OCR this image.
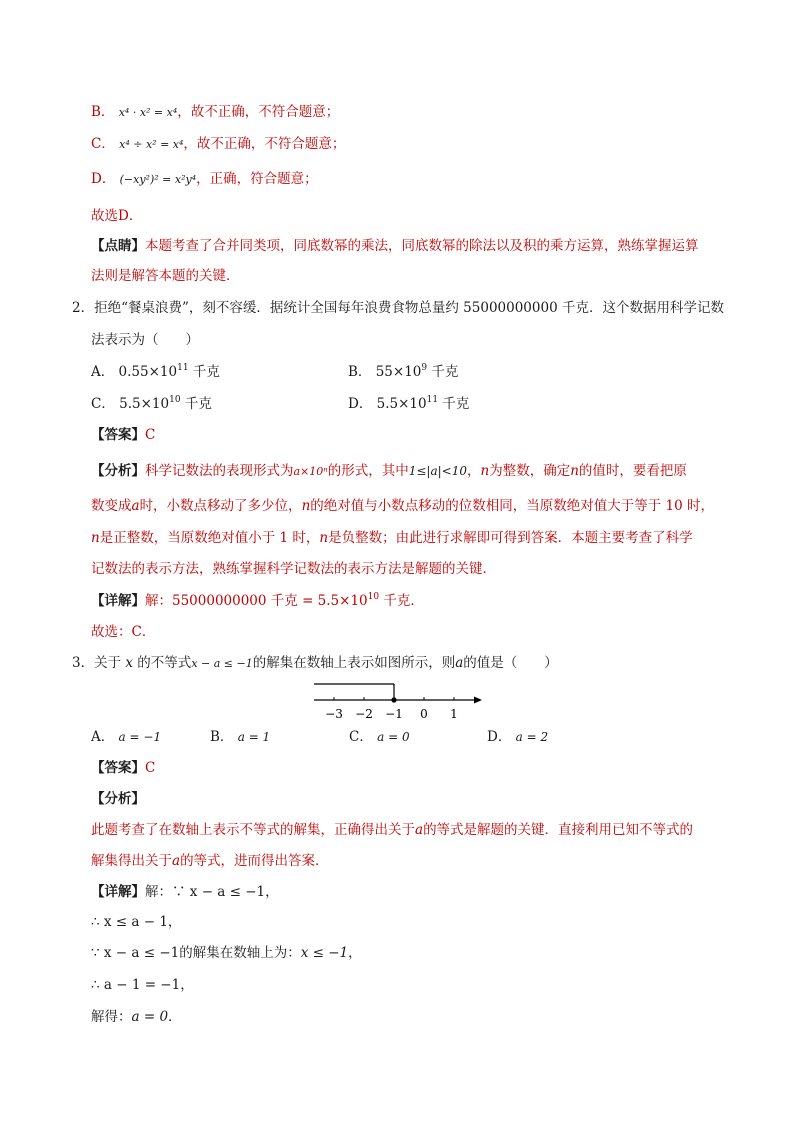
B． x⁴ · x² = x⁴，故不正确，不符合题意；
C． x⁴ ÷ x² = x⁴，故不正确，不符合题意；
D． (−xy²)² = x²y⁴，正确，符合题意；
故选D．
【点睛】本题考查了合并同类项，同底数幂的乘法，同底数幂的除法以及积的乘方运算，熟练掌握运算
法则是解答本题的关键．
2．拒绝“餐桌浪费”，刻不容缓．据统计全国每年浪费食物总量约 55000000000 千克．这个数据用科学记数
法表示为（　　）
A． $0.55\times 10^{11}$ 千克	B． $55\times 10^9$ 千克
C． $5.5\times 10^{10}$ 千克	D． $5.5\times 10^{11}$ 千克
【答案】C
【分析】科学记数法的表现形式为a×10ⁿ的形式，其中1≤|a|<10，n为整数，确定n的值时，要看把原
数变成a时，小数点移动了多少位，n的绝对值与小数点移动的位数相同，当原数绝对值大于等于 10 时，
n是正整数，当原数绝对值小于 1 时，n是负整数；由此进行求解即可得到答案．本题主要考查了科学
记数法的表示方法，熟练掌握科学记数法的表示方法是解题的关键．
【详解】解：55000000000 千克 = $5.5\times 10^{10}$ 千克．
故选：C．
3．关于 x 的不等式x − a ≤ −1的解集在数轴上表示如图所示，则a的值是（　　）
−3 −2 −1 0 1
A． a = −1	B． a = 1	C． a = 0	D． a = 2
【答案】C
【分析】
此题考查了在数轴上表示不等式的解集，正确得出关于a的等式是解题的关键．直接利用已知不等式的
解集得出关于a的等式，进而得出答案．
【详解】解：∵ x − a ≤ −1，
∴ x ≤ a − 1，
∵ x − a ≤ −1的解集在数轴上为：x ≤ −1，
∴ a − 1 = −1，
解得：a = 0．
